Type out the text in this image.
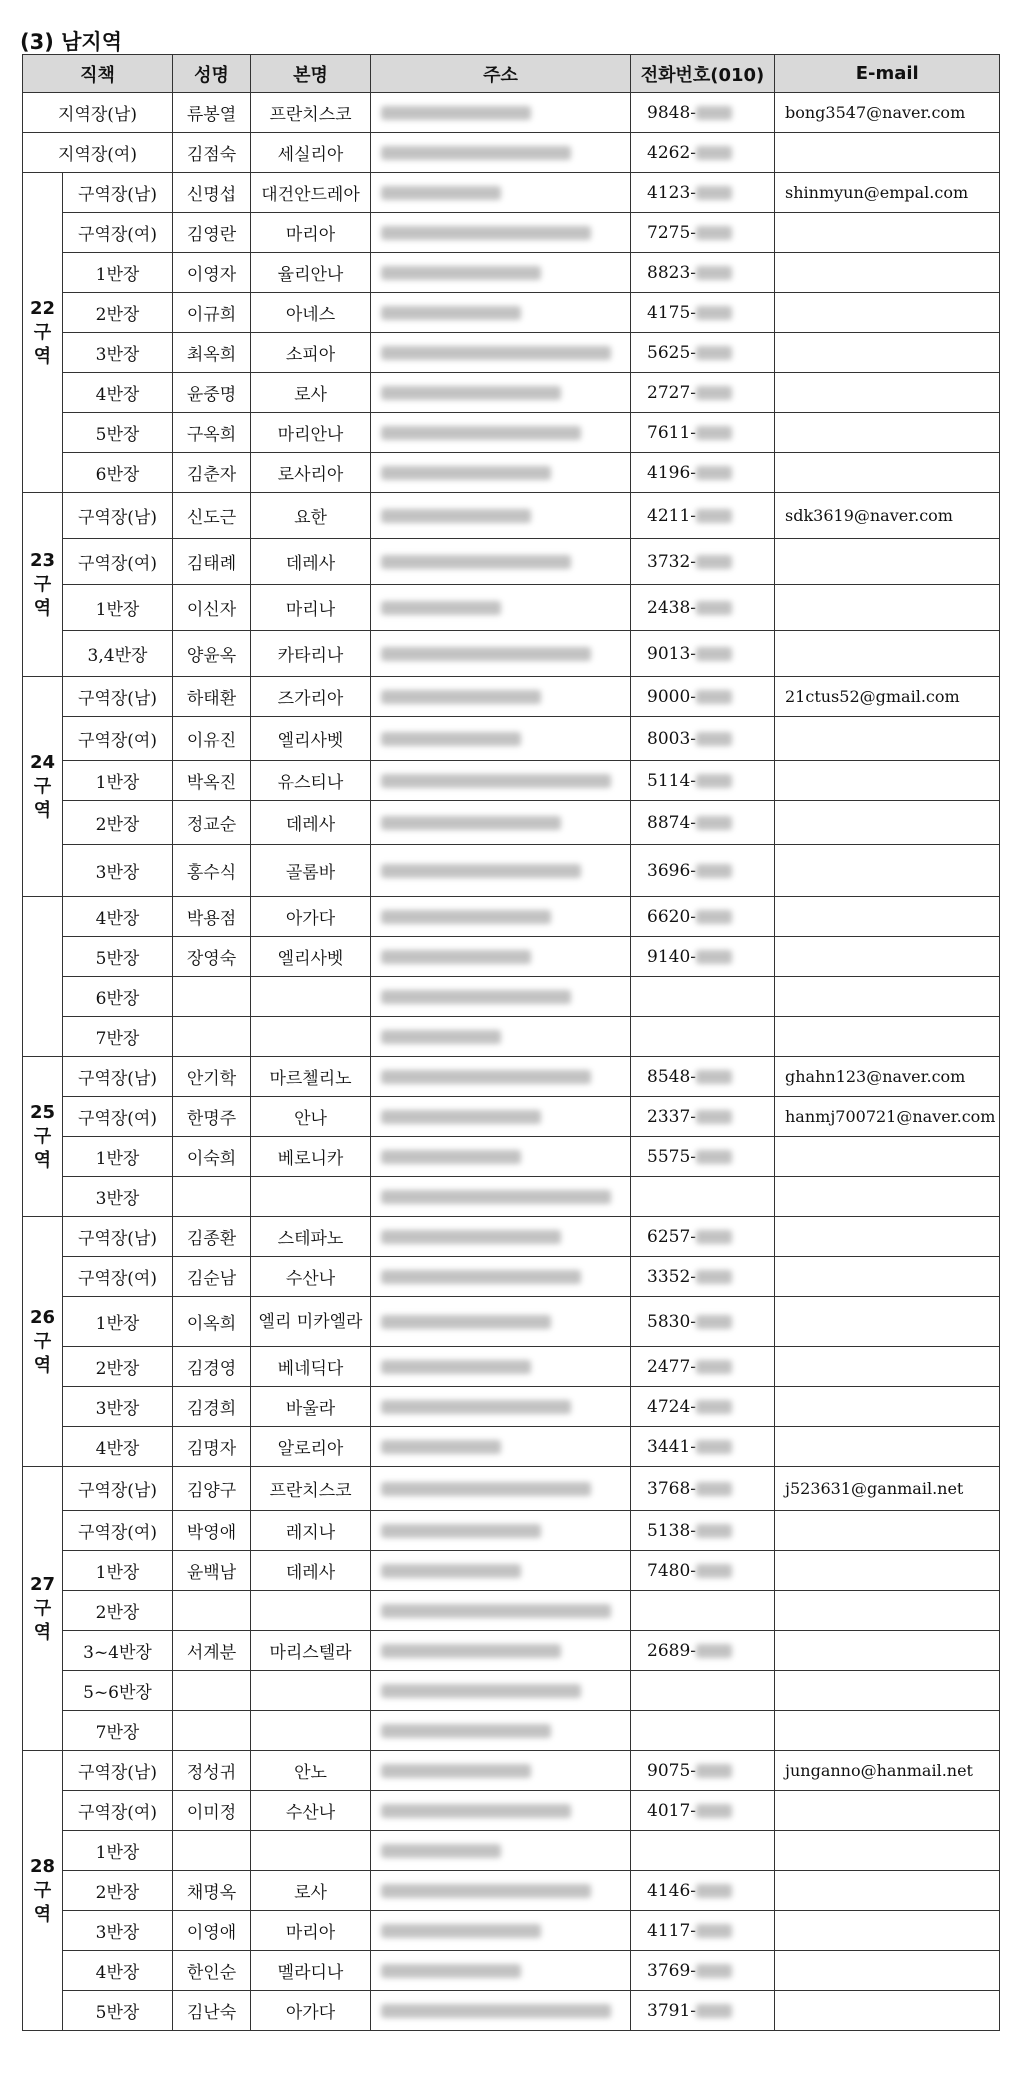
(3) 남지역
직책		성명	본명	주소	전화번호(010)	E-mail
지역장(남)		류봉열	프란치스코		9848-	bong3547@naver.com
지역장(여)		김점숙	세실리아		4262-	
22구역	구역장(남)	신명섭	대건안드레아		4123-	shinmyun@empal.com
	구역장(여)	김영란	마리아		7275-	
	1반장	이영자	율리안나		8823-	
	2반장	이규희	아네스		4175-	
	3반장	최옥희	소피아		5625-	
	4반장	윤중명	로사		2727-	
	5반장	구옥희	마리안나		7611-	
	6반장	김춘자	로사리아		4196-	
23구역	구역장(남)	신도근	요한		4211-	sdk3619@naver.com
	구역장(여)	김태례	데레사		3732-	
	1반장	이신자	마리나		2438-	
	3,4반장	양윤옥	카타리나		9013-	
24구역	구역장(남)	하태환	즈가리아		9000-	21ctus52@gmail.com
	구역장(여)	이유진	엘리사벳		8003-	
	1반장	박옥진	유스티나		5114-	
	2반장	정교순	데레사		8874-	
	3반장	홍수식	골롬바		3696-	
	4반장	박용점	아가다		6620-	
	5반장	장영숙	엘리사벳		9140-	
	6반장			

	7반장			

25구역	구역장(남)	안기학	마르첼리노		8548-	ghahn123@naver.com
	구역장(여)	한명주	안나		2337-	hanmj700721@naver.com
	1반장	이숙희	베로니카		5575-	
	3반장			

26구역	구역장(남)	김종환	스테파노		6257-	
	구역장(여)	김순남	수산나		3352-	
	1반장	이옥희	엘리 미카엘라		5830-	
	2반장	김경영	베네딕다		2477-	
	3반장	김경희	바울라		4724-	
	4반장	김명자	알로리아		3441-	
27구역	구역장(남)	김양구	프란치스코		3768-	j523631@ganmail.net
	구역장(여)	박영애	레지나		5138-	
	1반장	윤백남	데레사		7480-	
	2반장			

	3~4반장	서계분	마리스텔라		2689-	
	5~6반장			

	7반장			

28구역	구역장(남)	정성귀	안노		9075-	junganno@hanmail.net
	구역장(여)	이미정	수산나		4017-	
	1반장			

	2반장	채명옥	로사		4146-	
	3반장	이영애	마리아		4117-	
	4반장	한인순	멜라디나		3769-	
	5반장	김난숙	아가다		3791-	
